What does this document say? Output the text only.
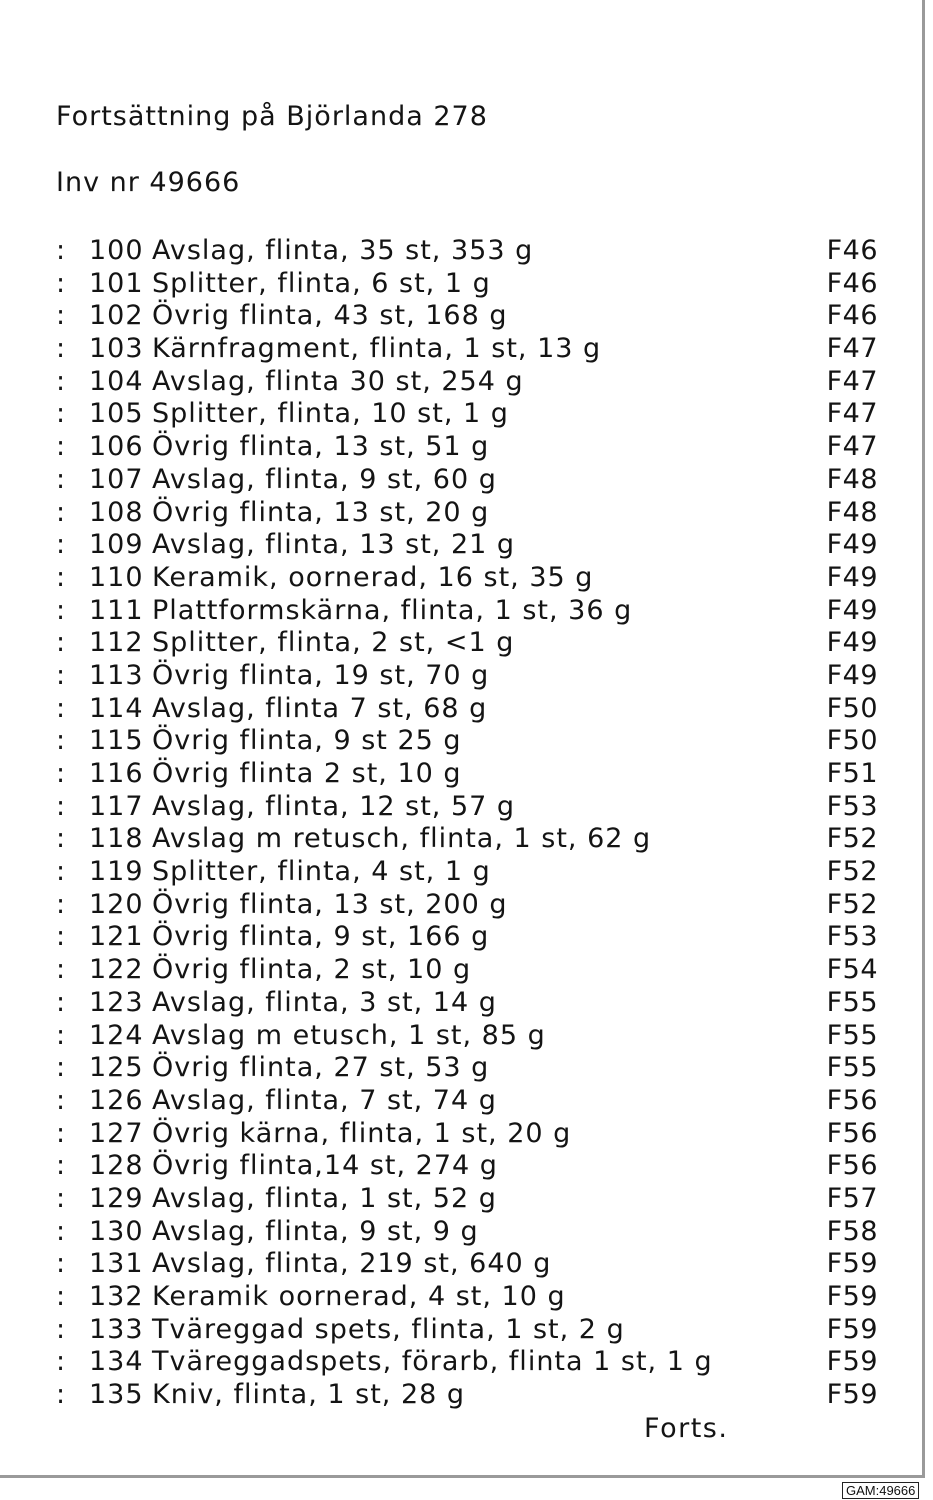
Fortsättning på Björlanda 278
Inv nr 49666
: 100 Avslag, flinta, 35 st, 353 g	F46
: 101 Splitter, flinta, 6 st, 1 g	F46
: 102 Övrig flinta, 43 st, 168 g	F46
: 103 Kärnfragment, flinta, 1 st, 13 g	F47
: 104 Avslag, flinta 30 st, 254 g	F47
: 105 Splitter, flinta, 10 st, 1 g	F47
: 106 Övrig flinta, 13 st, 51 g	F47
: 107 Avslag, flinta, 9 st, 60 g	F48
: 108 Övrig flinta, 13 st, 20 g	F48
: 109 Avslag, flinta, 13 st, 21 g	F49
: 110 Keramik, oornerad, 16 st, 35 g	F49
: 111 Plattformskärna, flinta, 1 st, 36 g	F49
: 112 Splitter, flinta, 2 st, <1 g	F49
: 113 Övrig flinta, 19 st, 70 g	F49
: 114 Avslag, flinta 7 st, 68 g	F50
: 115 Övrig flinta, 9 st 25 g	F50
: 116 Övrig flinta 2 st, 10 g	F51
: 117 Avslag, flinta, 12 st, 57 g	F53
: 118 Avslag m retusch, flinta, 1 st, 62 g	F52
: 119 Splitter, flinta, 4 st, 1 g	F52
: 120 Övrig flinta, 13 st, 200 g	F52
: 121 Övrig flinta, 9 st, 166 g	F53
: 122 Övrig flinta, 2 st, 10 g	F54
: 123 Avslag, flinta, 3 st, 14 g	F55
: 124 Avslag m etusch, 1 st, 85 g	F55
: 125 Övrig flinta, 27 st, 53 g	F55
: 126 Avslag, flinta, 7 st, 74 g	F56
: 127 Övrig kärna, flinta, 1 st, 20 g	F56
: 128 Övrig flinta,14 st, 274 g	F56
: 129 Avslag, flinta, 1 st, 52 g	F57
: 130 Avslag, flinta, 9 st, 9 g	F58
: 131 Avslag, flinta, 219 st, 640 g	F59
: 132 Keramik oornerad, 4 st, 10 g	F59
: 133 Tväreggad spets, flinta, 1 st, 2 g	F59
: 134 Tväreggadspets, förarb, flinta 1 st, 1 g	F59
: 135 Kniv, flinta, 1 st, 28 g	F59
Forts.
GAM:49666
